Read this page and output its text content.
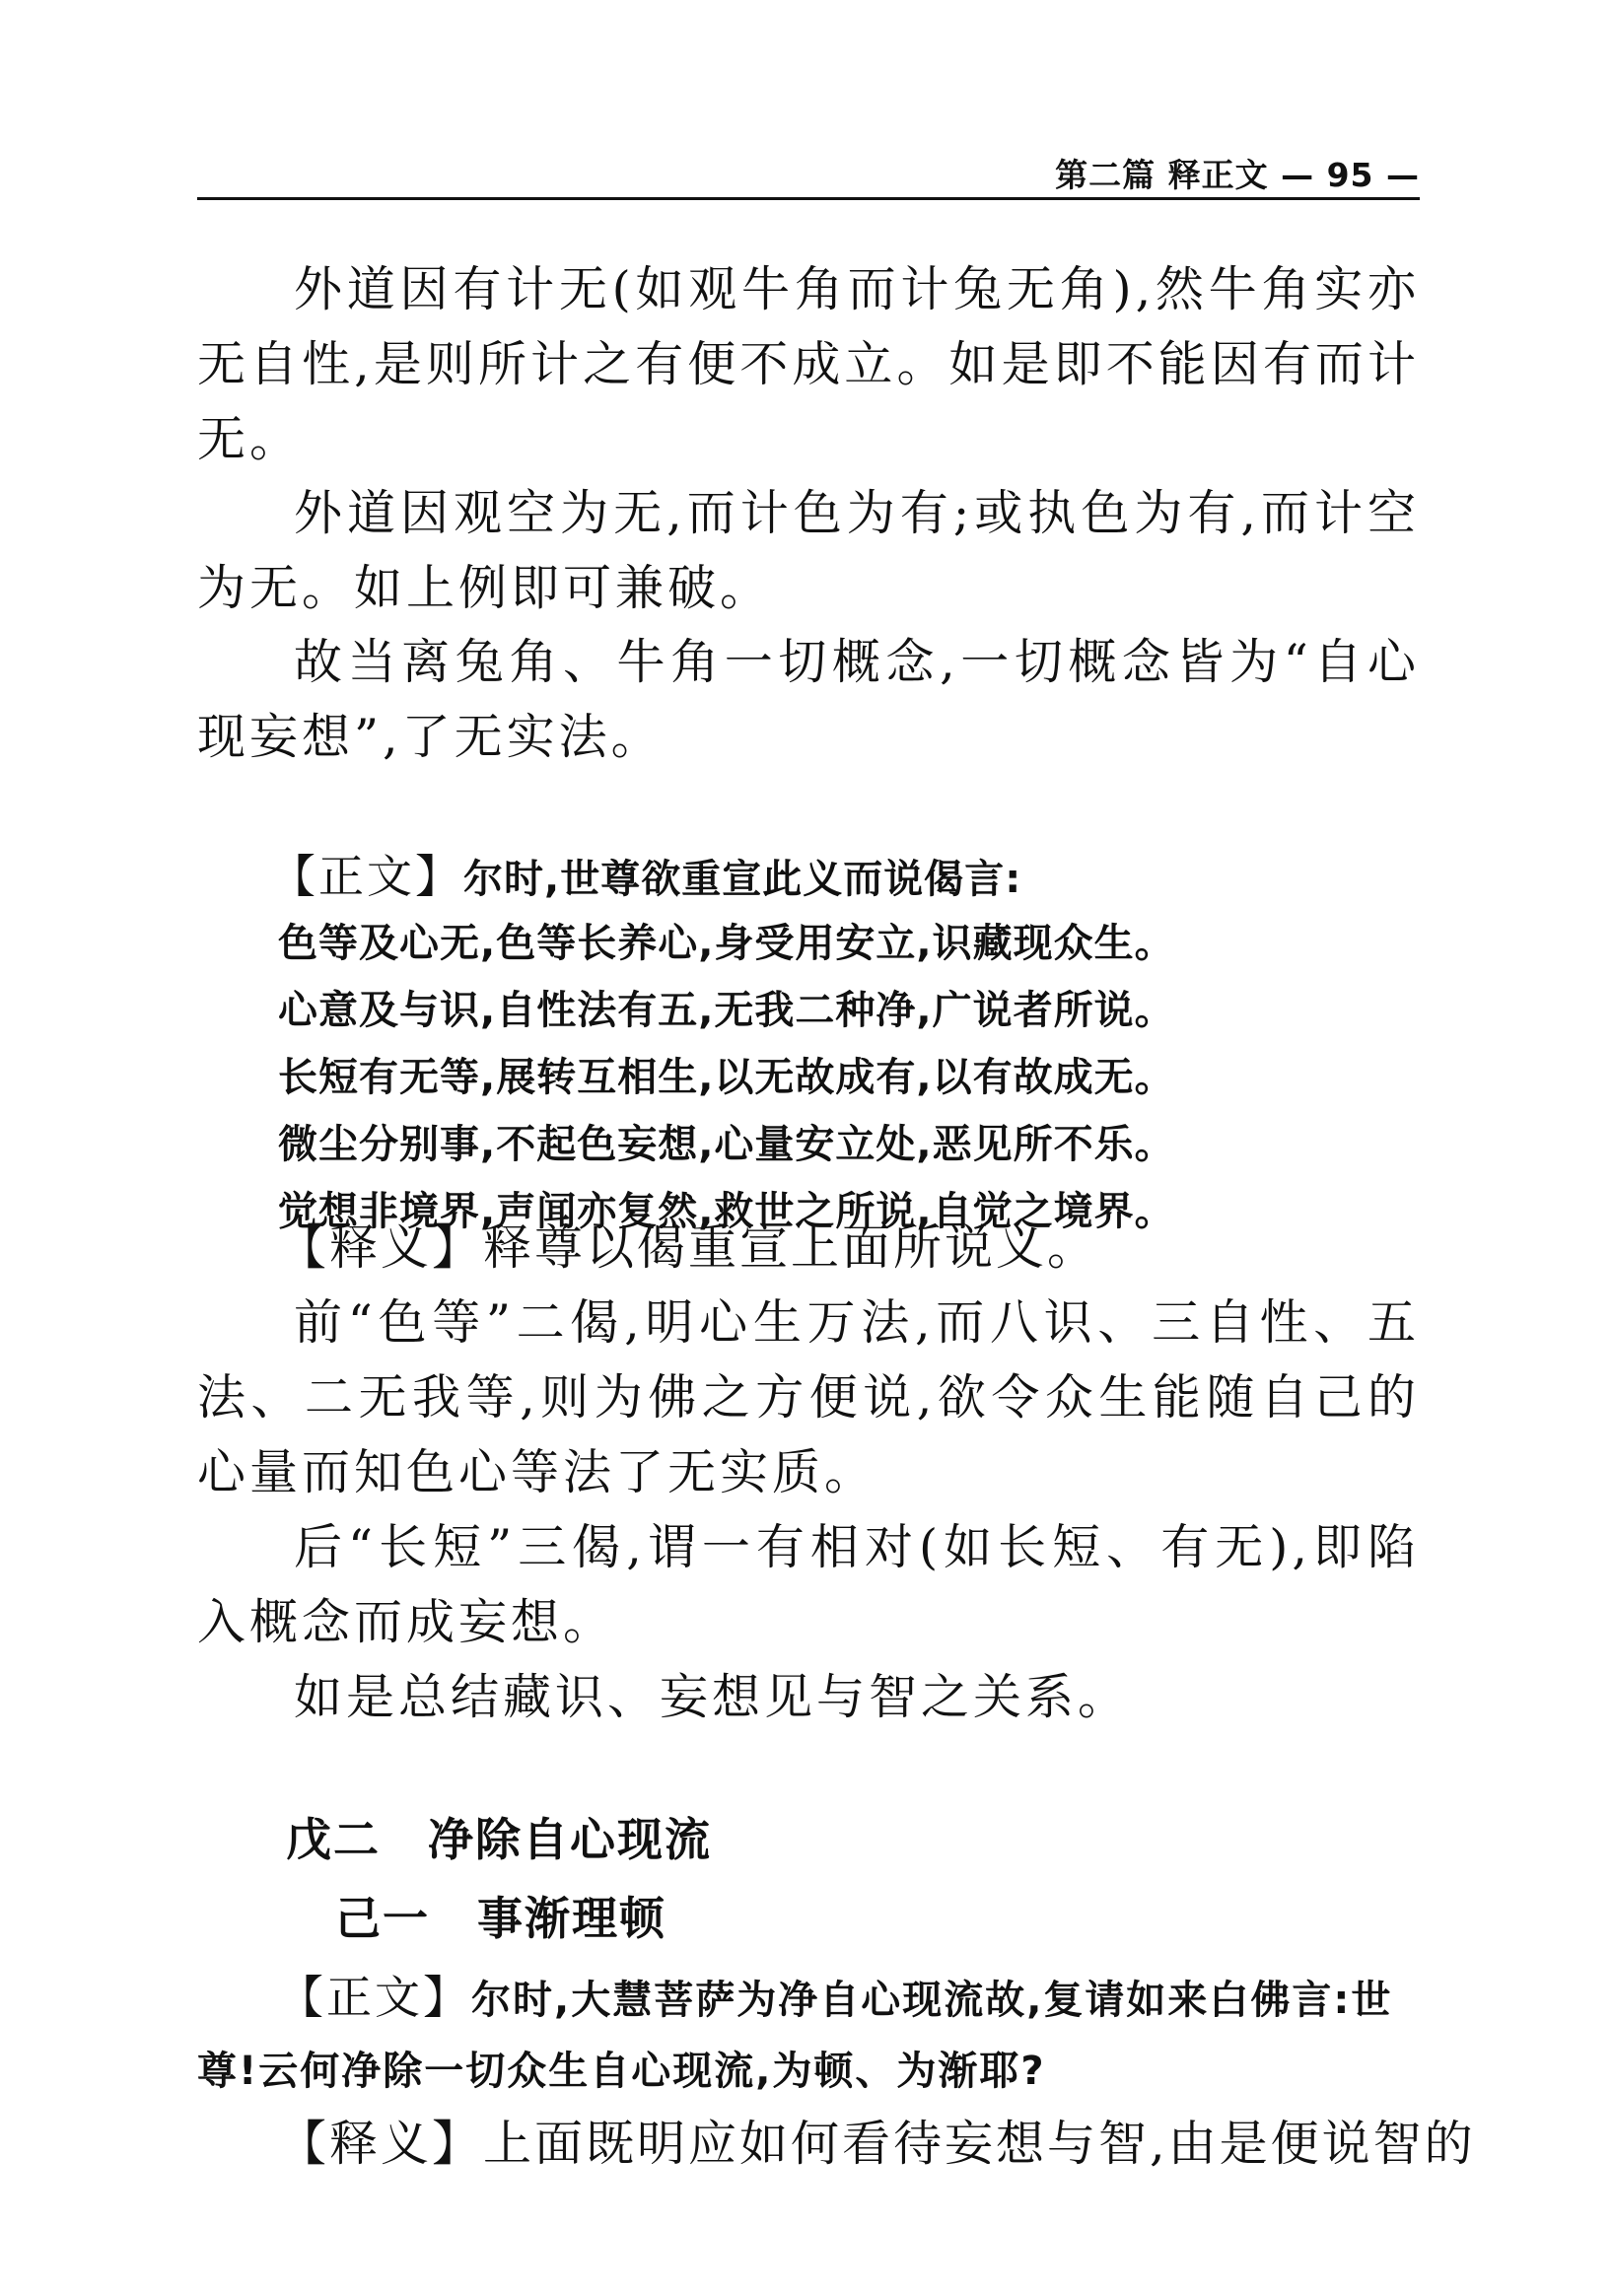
第二篇 释正文 — 95 —

外道因有计无(如观牛角而计兔无角),然牛角实亦无自性,是则所计之有便不成立。如是即不能因有而计无。

外道因观空为无,而计色为有;或执色为有,而计空为无。如上例即可兼破。

故当离兔角、牛角一切概念,一切概念皆为“自心现妄想”,了无实法。

【正文】尔时,世尊欲重宣此义而说偈言:
色等及心无,色等长养心,身受用安立,识藏现众生。
心意及与识,自性法有五,无我二种净,广说者所说。
长短有无等,展转互相生,以无故成有,以有故成无。
微尘分别事,不起色妄想,心量安立处,恶见所不乐。
觉想非境界,声闻亦复然,救世之所说,自觉之境界。

【释义】释尊以偈重宣上面所说义。

前“色等”二偈,明心生万法,而八识、三自性、五法、二无我等,则为佛之方便说,欲令众生能随自己的心量而知色心等法了无实质。

后“长短”三偈,谓一有相对(如长短、有无),即陷入概念而成妄想。

如是总结藏识、妄想见与智之关系。

戊二　净除自心现流
己一　事渐理顿

【正文】尔时,大慧菩萨为净自心现流故,复请如来白佛言:世尊!云何净除一切众生自心现流,为顿、为渐耶?

【释义】上面既明应如何看待妄想与智,由是便说智的
